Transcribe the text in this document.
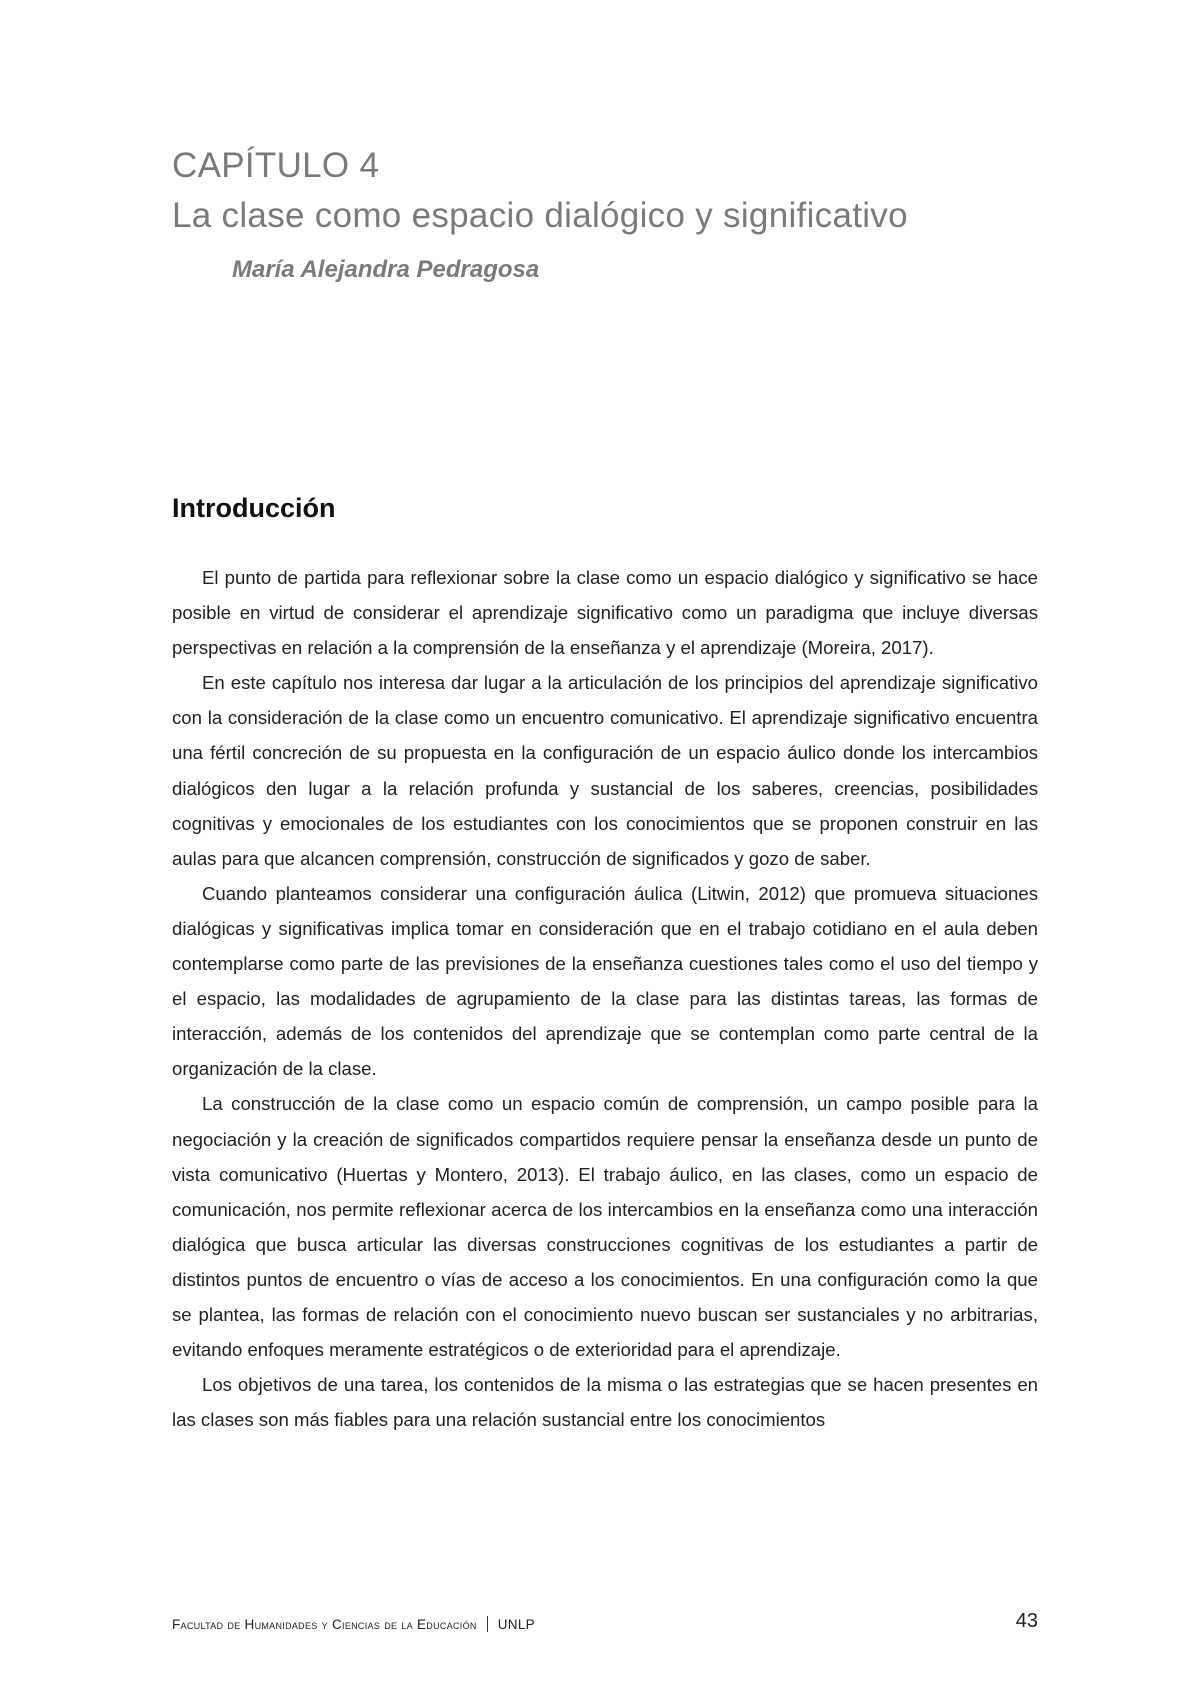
CAPÍTULO 4
La clase como espacio dialógico y significativo
María Alejandra Pedragosa
Introducción

El punto de partida para reflexionar sobre la clase como un espacio dialógico y significativo se hace posible en virtud de considerar el aprendizaje significativo como un paradigma que incluye diversas perspectivas en relación a la comprensión de la enseñanza y el aprendizaje (Moreira, 2017).

En este capítulo nos interesa dar lugar a la articulación de los principios del aprendizaje significativo con la consideración de la clase como un encuentro comunicativo. El aprendizaje significativo encuentra una fértil concreción de su propuesta en la configuración de un espacio áulico donde los intercambios dialógicos den lugar a la relación profunda y sustancial de los saberes, creencias, posibilidades cognitivas y emocionales de los estudiantes con los conocimientos que se proponen construir en las aulas para que alcancen comprensión, construcción de significados y gozo de saber.

Cuando planteamos considerar una configuración áulica (Litwin, 2012) que promueva situaciones dialógicas y significativas implica tomar en consideración que en el trabajo cotidiano en el aula deben contemplarse como parte de las previsiones de la enseñanza cuestiones tales como el uso del tiempo y el espacio, las modalidades de agrupamiento de la clase para las distintas tareas, las formas de interacción, además de los contenidos del aprendizaje que se contemplan como parte central de la organización de la clase.

La construcción de la clase como un espacio común de comprensión, un campo posible para la negociación y la creación de significados compartidos requiere pensar la enseñanza desde un punto de vista comunicativo (Huertas y Montero, 2013). El trabajo áulico, en las clases, como un espacio de comunicación, nos permite reflexionar acerca de los intercambios en la enseñanza como una interacción dialógica que busca articular las diversas construcciones cognitivas de los estudiantes a partir de distintos puntos de encuentro o vías de acceso a los conocimientos. En una configuración como la que se plantea, las formas de relación con el conocimiento nuevo buscan ser sustanciales y no arbitrarias, evitando enfoques meramente estratégicos o de exterioridad para el aprendizaje.

Los objetivos de una tarea, los contenidos de la misma o las estrategias que se hacen presentes en las clases son más fiables para una relación sustancial entre los conocimientos

Facultad de Humanidades y Ciencias de la Educación UNLP	43
